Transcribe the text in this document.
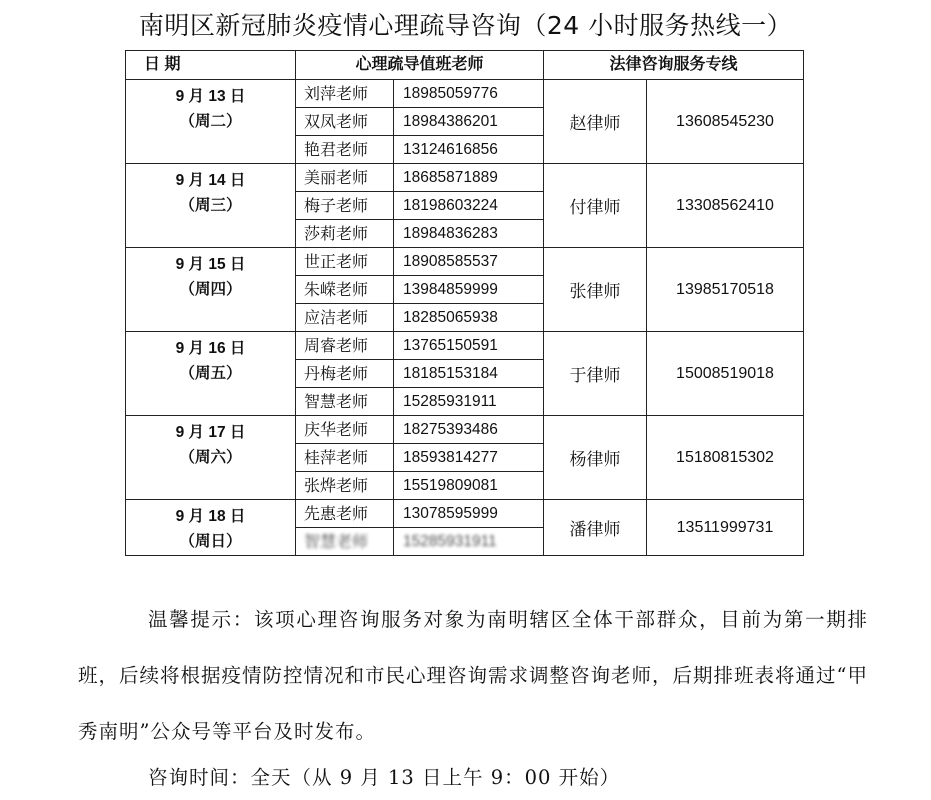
南明区新冠肺炎疫情心理疏导咨询（24 小时服务热线一）
日 期	心理疏导值班老师		法律咨询服务专线	

9 月 13 日
（周二）	刘萍老师	18985059776	赵律师	13608545230
	双凤老师	18984386201		
	艳君老师	13124616856		

9 月 14 日
（周三）	美丽老师	18685871889	付律师	13308562410
	梅子老师	18198603224		
	莎莉老师	18984836283		

9 月 15 日
（周四）	世正老师	18908585537	张律师	13985170518
	朱嵘老师	13984859999		
	应洁老师	18285065938		

9 月 16 日
（周五）	周睿老师	13765150591	于律师	15008519018
	丹梅老师	18185153184		
	智慧老师	15285931911		

9 月 17 日
（周六）	庆华老师	18275393486	杨律师	15180815302
	桂萍老师	18593814277		
	张烨老师	15519809081		

9 月 18 日
（周日）	先惠老师	13078595999	潘律师	13511999731
	智慧老师	15285931911		

温馨提示：该项心理咨询服务对象为南明辖区全体干部群众，目前为第一期排班，后续将根据疫情防控情况和市民心理咨询需求调整咨询老师，后期排班表将通过“甲秀南明”公众号等平台及时发布。

咨询时间：全天（从 9 月 13 日上午 9：00 开始）
